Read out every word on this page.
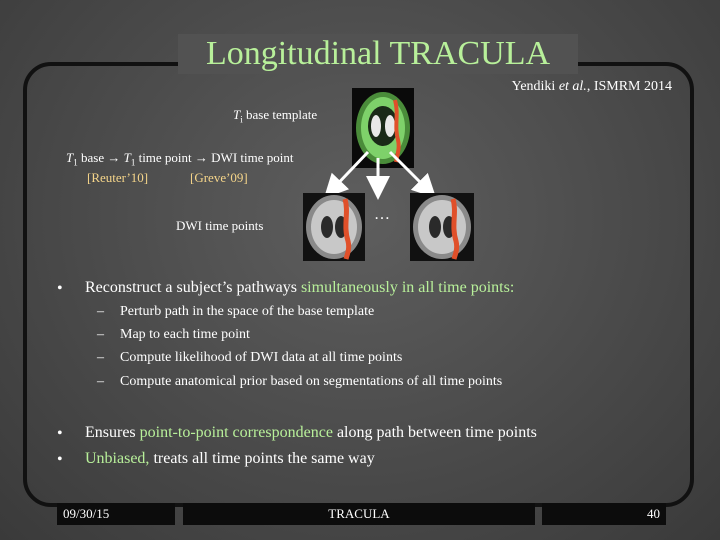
Longitudinal TRACULA
Yendiki et al., ISMRM 2014
$T_i$ base template
$T_1$ base → $T_1$ time point → DWI time point
[Reuter’10]	[Greve’09]
DWI time points
…
• Reconstruct a subject’s pathways simultaneously in all time points:
– Perturb path in the space of the base template
– Map to each time point
– Compute likelihood of DWI data at all time points
– Compute anatomical prior based on segmentations of all time points
• Ensures point-to-point correspondence along path between time points
• Unbiased, treats all time points the same way
09/30/15	TRACULA	40
